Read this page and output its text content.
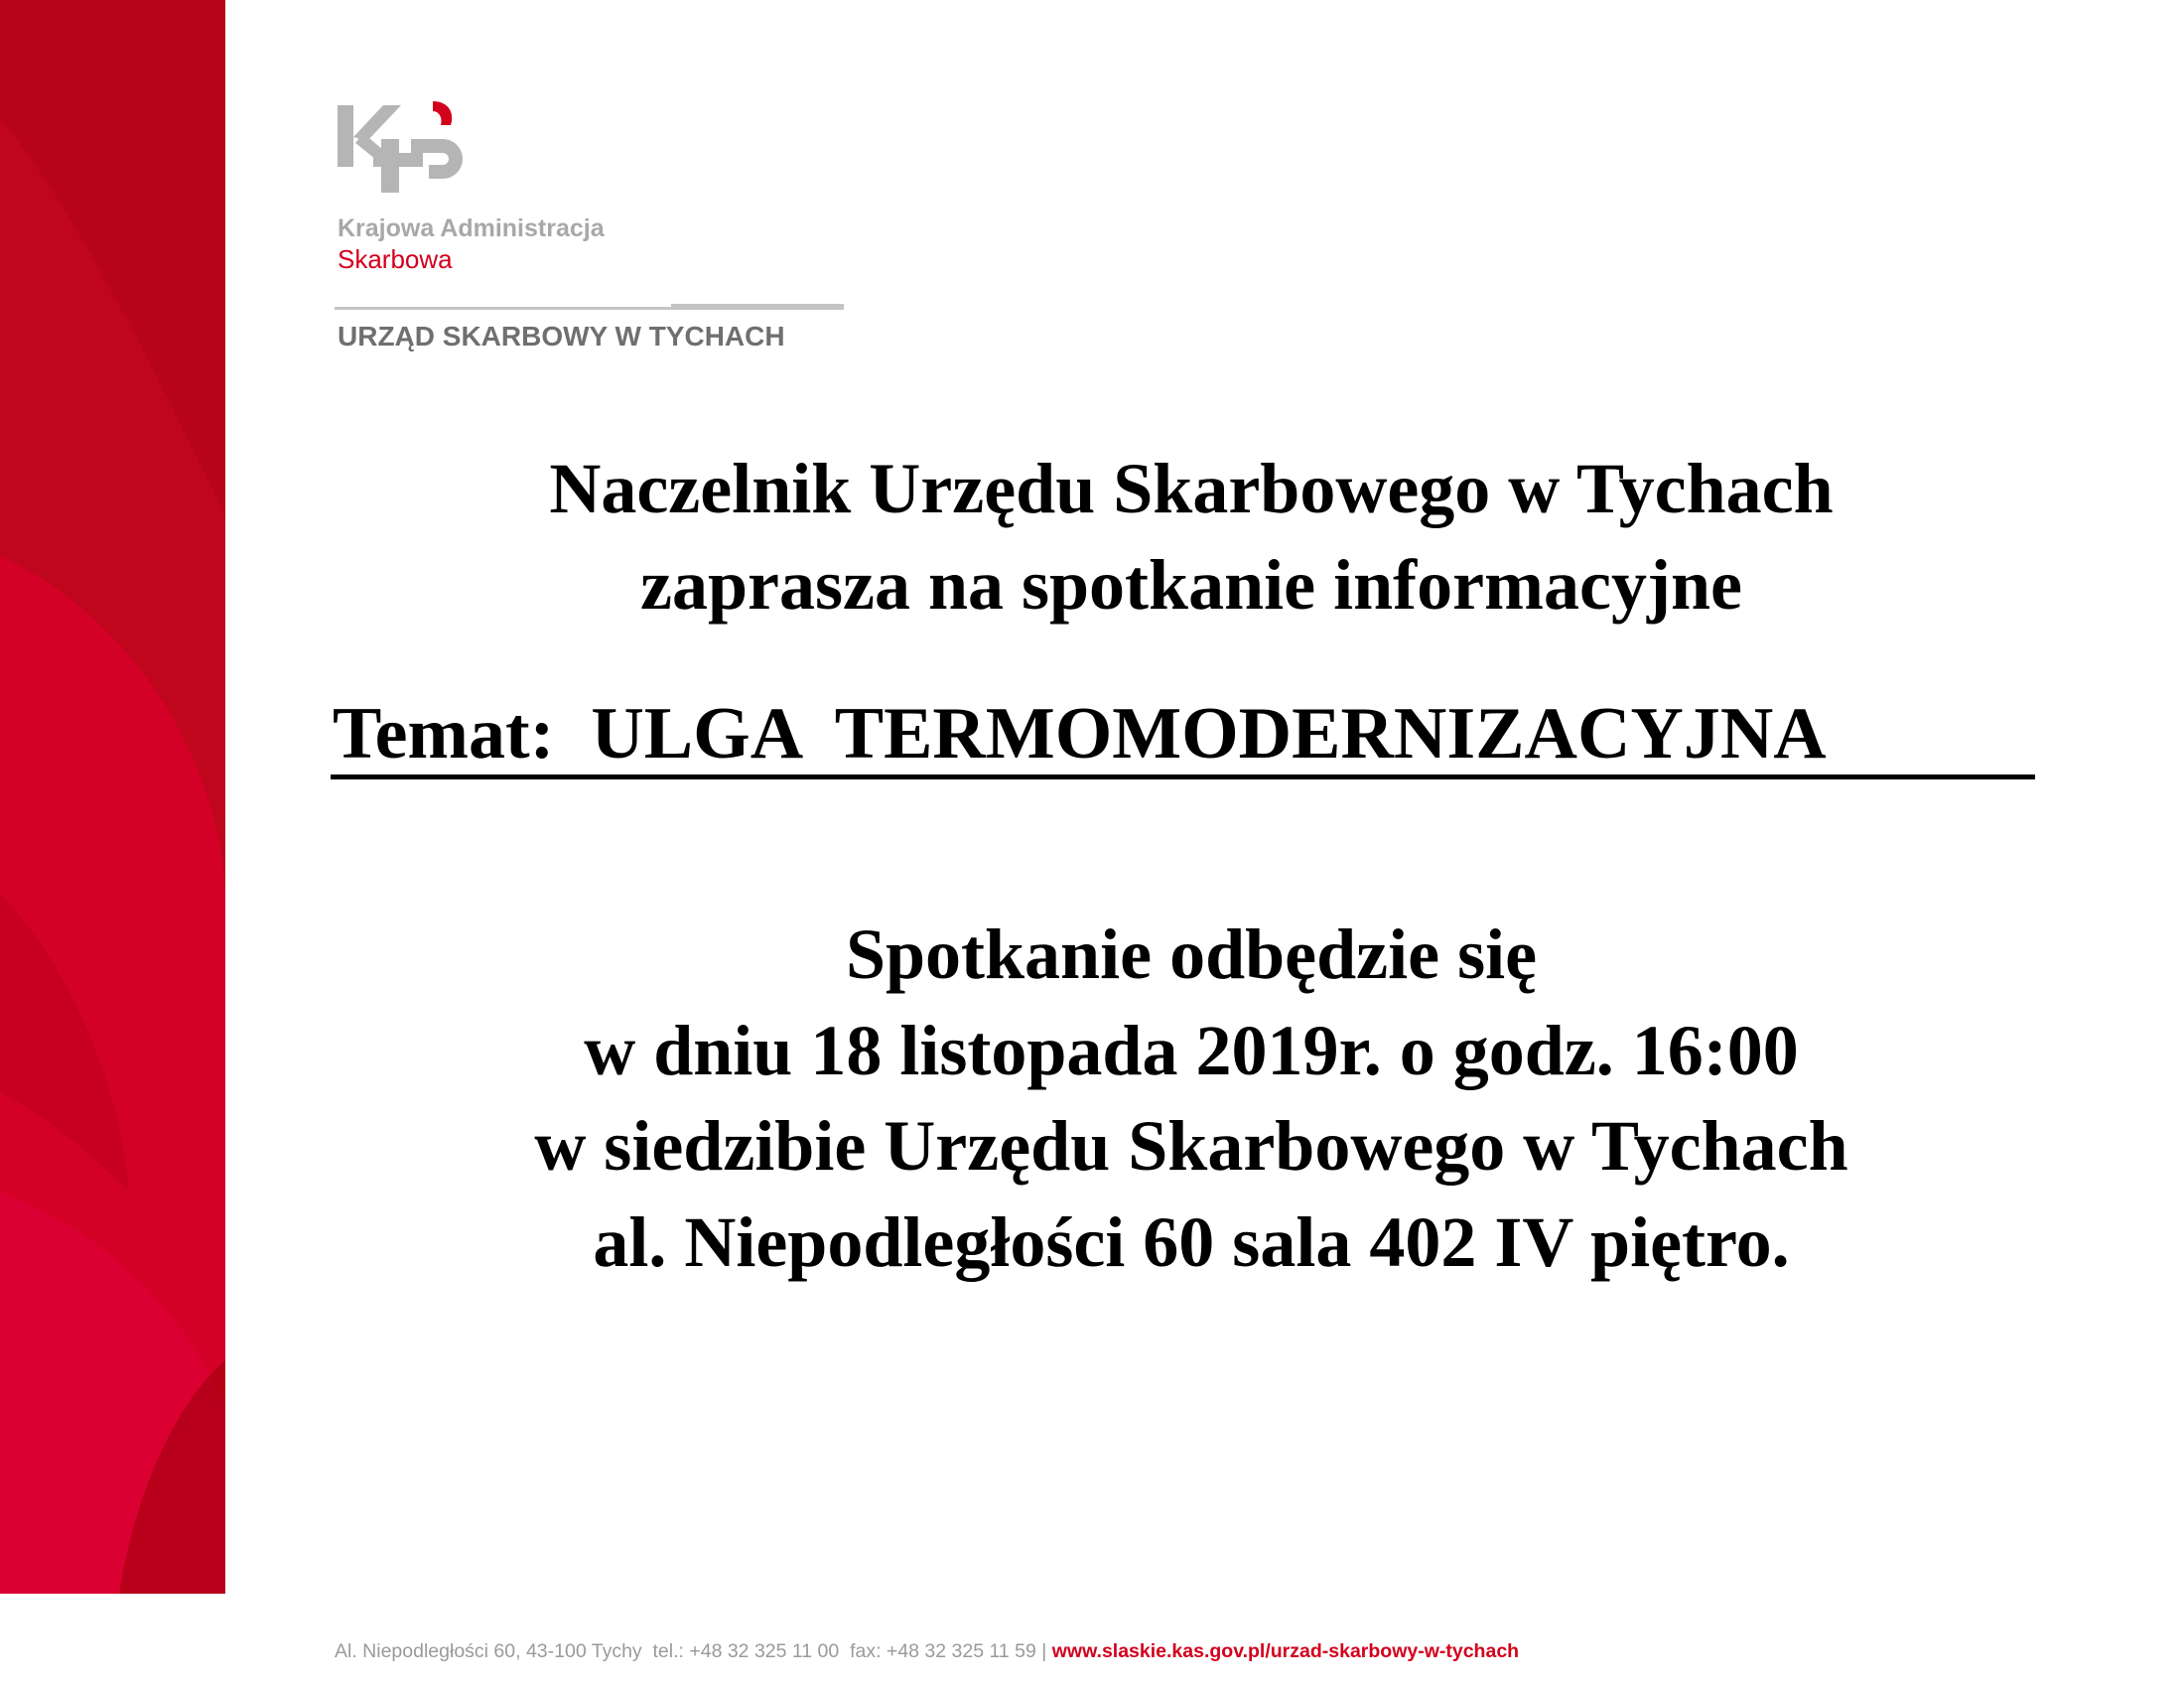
Krajowa Administracja
Skarbowa
URZĄD SKARBOWY W TYCHACH
Naczelnik Urzędu Skarbowego w Tychach
zaprasza na spotkanie informacyjne
Temat:  ULGA  TERMOMODERNIZACYJNA
Spotkanie odbędzie się
w dniu 18 listopada 2019r. o godz. 16:00
w siedzibie Urzędu Skarbowego w Tychach
al. Niepodległości 60 sala 402 IV piętro.
Al. Niepodległości 60, 43-100 Tychy  tel.: +48 32 325 11 00  fax: +48 32 325 11 59 | www.slaskie.kas.gov.pl/urzad-skarbowy-w-tychach
